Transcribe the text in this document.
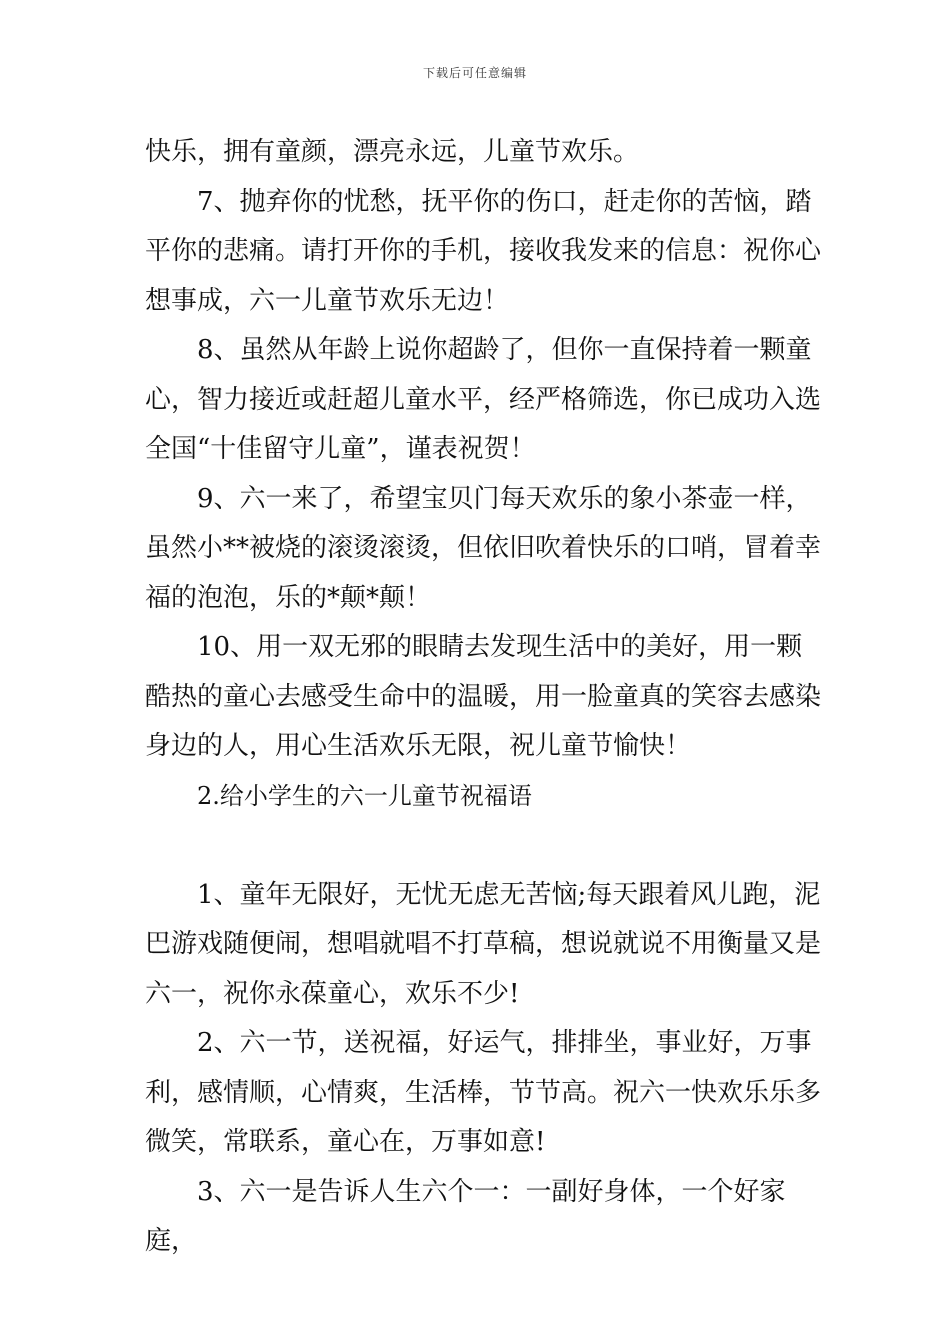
下载后可任意编辑

快乐，拥有童颜，漂亮永远，儿童节欢乐。

7、抛弃你的忧愁，抚平你的伤口，赶走你的苦恼，踏平你的悲痛。请打开你的手机，接收我发来的信息：祝你心想事成，六一儿童节欢乐无边！

8、虽然从年龄上说你超龄了，但你一直保持着一颗童心，智力接近或赶超儿童水平，经严格筛选，你已成功入选全国“十佳留守儿童”，谨表祝贺！

9、六一来了，希望宝贝门每天欢乐的象小茶壶一样，虽然小**被烧的滚烫滚烫，但依旧吹着快乐的口哨，冒着幸福的泡泡，乐的*颠*颠！

10、用一双无邪的眼睛去发现生活中的美好，用一颗酷热的童心去感受生命中的温暖，用一脸童真的笑容去感染身边的人，用心生活欢乐无限，祝儿童节愉快！

2.给小学生的六一儿童节祝福语

1、童年无限好，无忧无虑无苦恼;每天跟着风儿跑，泥巴游戏随便闹，想唱就唱不打草稿，想说就说不用衡量又是六一，祝你永葆童心，欢乐不少!

2、六一节，送祝福，好运气，排排坐，事业好，万事利，感情顺，心情爽，生活棒，节节高。祝六一快欢乐乐多微笑，常联系，童心在，万事如意!

3、六一是告诉人生六个一：一副好身体，一个好家庭，
